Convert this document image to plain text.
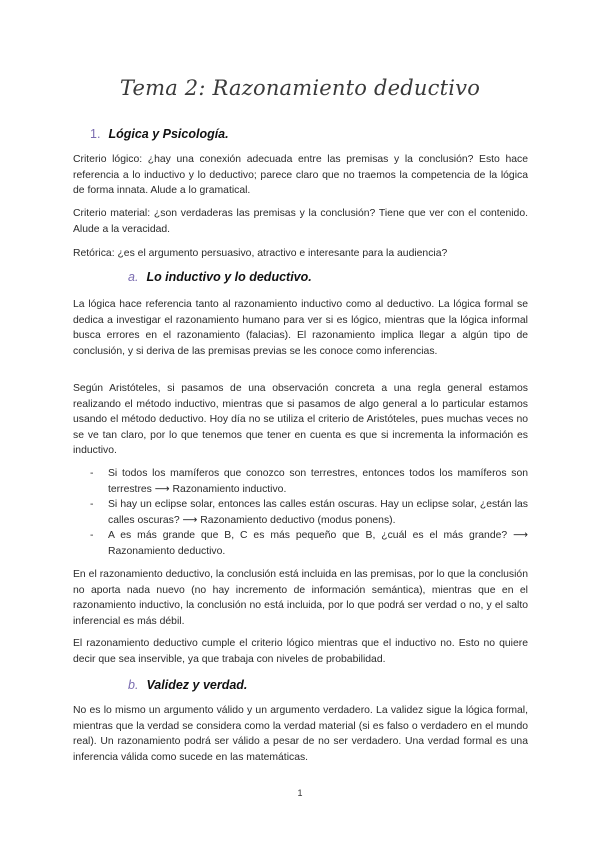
Tema 2: Razonamiento deductivo
1. Lógica y Psicología.
Criterio lógico: ¿hay una conexión adecuada entre las premisas y la conclusión? Esto hace referencia a lo inductivo y lo deductivo; parece claro que no traemos la competencia de la lógica de forma innata. Alude a lo gramatical.
Criterio material: ¿son verdaderas las premisas y la conclusión? Tiene que ver con el contenido. Alude a la veracidad.
Retórica: ¿es el argumento persuasivo, atractivo e interesante para la audiencia?
a. Lo inductivo y lo deductivo.
La lógica hace referencia tanto al razonamiento inductivo como al deductivo. La lógica formal se dedica a investigar el razonamiento humano para ver si es lógico, mientras que la lógica informal busca errores en el razonamiento (falacias). El razonamiento implica llegar a algún tipo de conclusión, y si deriva de las premisas previas se les conoce como inferencias.
Según Aristóteles, si pasamos de una observación concreta a una regla general estamos realizando el método inductivo, mientras que si pasamos de algo general a lo particular estamos usando el método deductivo. Hoy día no se utiliza el criterio de Aristóteles, pues muchas veces no se ve tan claro, por lo que tenemos que tener en cuenta es que si incrementa la información es inductivo.
- Si todos los mamíferos que conozco son terrestres, entonces todos los mamíferos son terrestres ⟶ Razonamiento inductivo.
- Si hay un eclipse solar, entonces las calles están oscuras. Hay un eclipse solar, ¿están las calles oscuras? ⟶ Razonamiento deductivo (modus ponens).
- A es más grande que B, C es más pequeño que B, ¿cuál es el más grande? ⟶ Razonamiento deductivo.
En el razonamiento deductivo, la conclusión está incluida en las premisas, por lo que la conclusión no aporta nada nuevo (no hay incremento de información semántica), mientras que en el razonamiento inductivo, la conclusión no está incluida, por lo que podrá ser verdad o no, y el salto inferencial es más débil.
El razonamiento deductivo cumple el criterio lógico mientras que el inductivo no. Esto no quiere decir que sea inservible, ya que trabaja con niveles de probabilidad.
b. Validez y verdad.
No es lo mismo un argumento válido y un argumento verdadero. La validez sigue la lógica formal, mientras que la verdad se considera como la verdad material (si es falso o verdadero en el mundo real). Un razonamiento podrá ser válido a pesar de no ser verdadero. Una verdad formal es una inferencia válida como sucede en las matemáticas.
1
